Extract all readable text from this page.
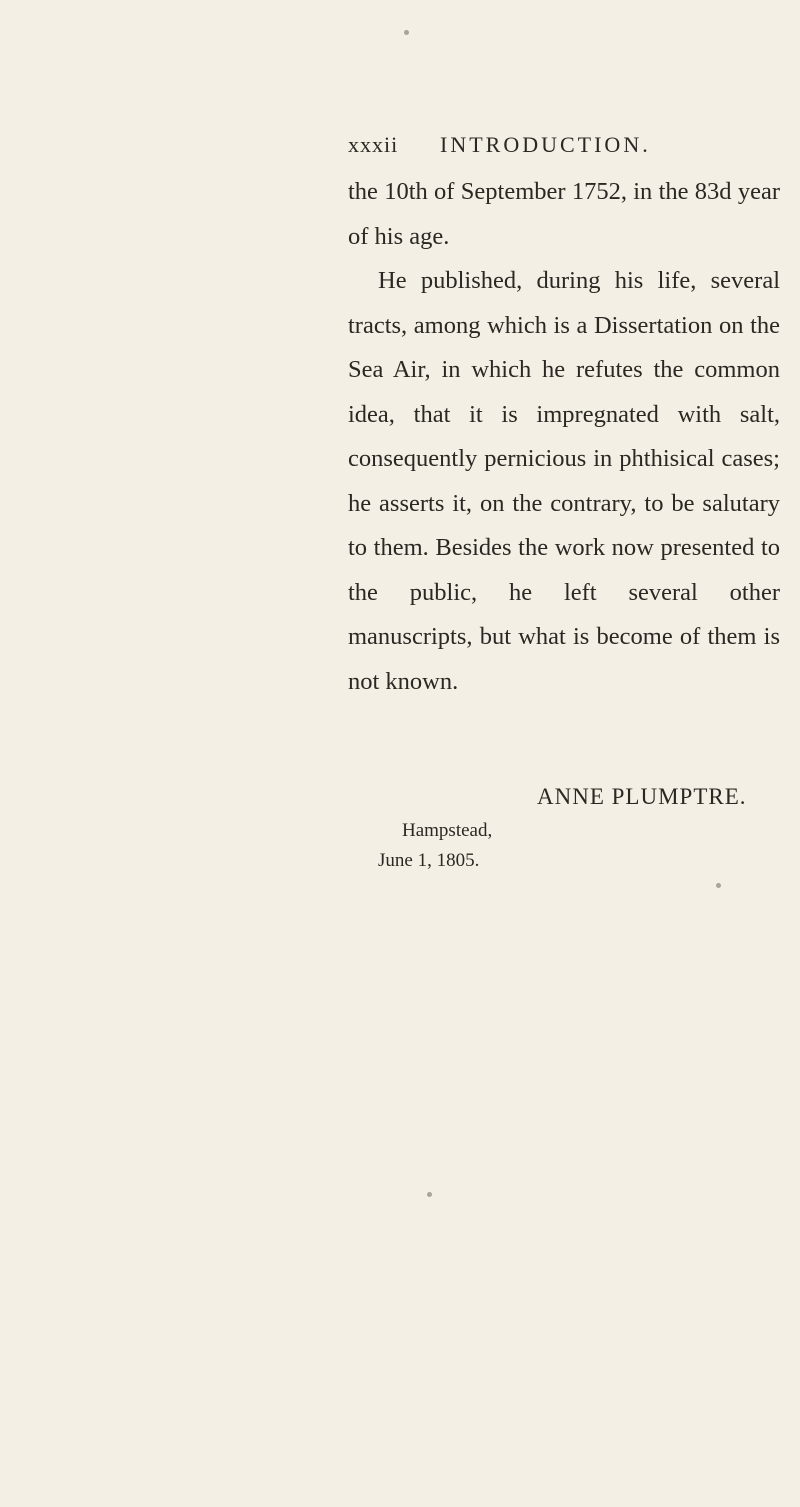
xxxii INTRODUCTION.

the 10th of September 1752, in the 83d year of his age.

He published, during his life, several tracts, among which is a Dissertation on the Sea Air, in which he refutes the common idea, that it is impregnated with salt, consequently pernicious in phthisical cases; he asserts it, on the contrary, to be salutary to them. Besides the work now presented to the public, he left several other manuscripts, but what is become of them is not known.

ANNE PLUMPTRE.
Hampstead,
June 1, 1805.
